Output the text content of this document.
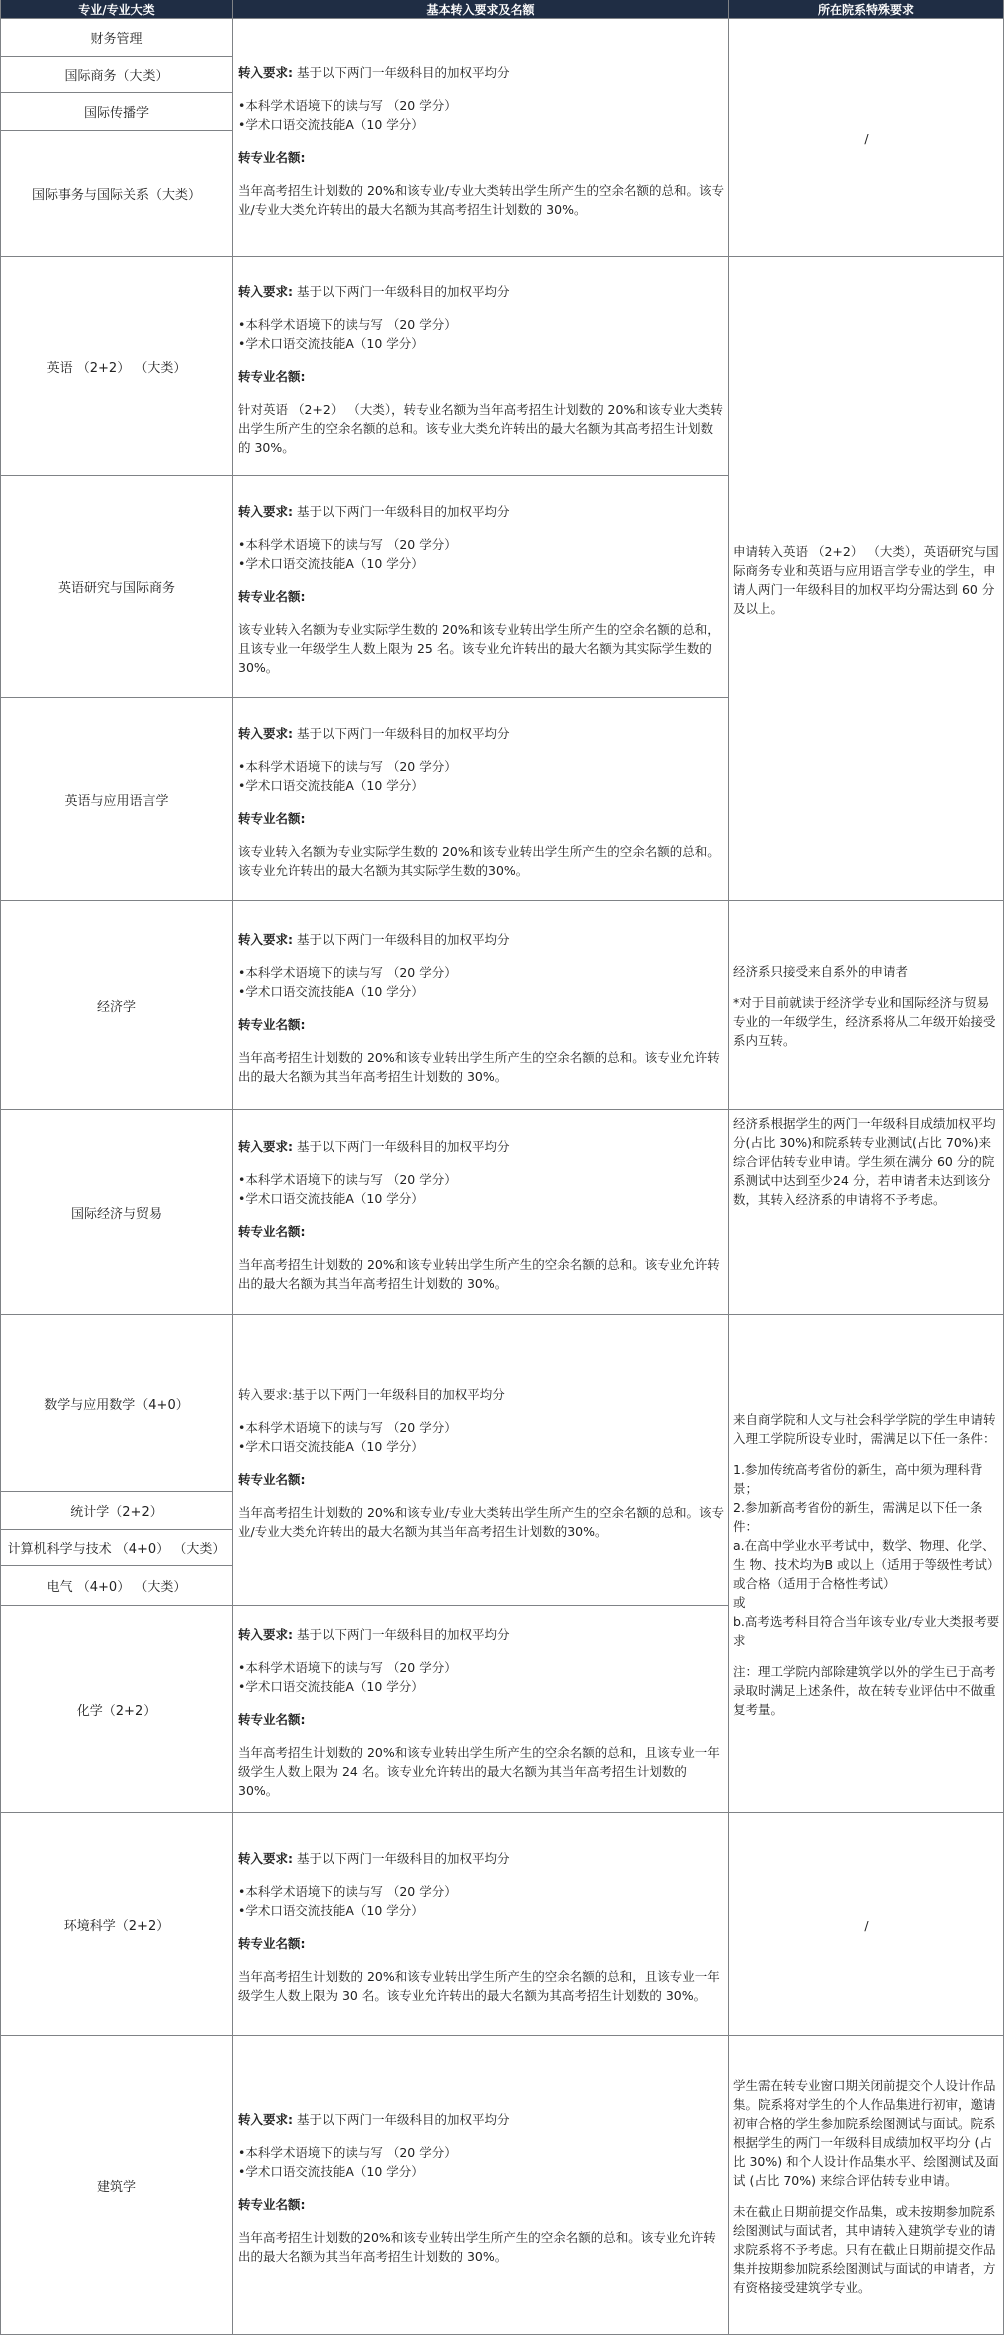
专业/专业大类	基本转入要求及名额	所在院系特殊要求
财务管理
国际商务（大类）
国际传播学
国际事务与国际关系（大类）
英语 （2+2） （大类）
英语研究与国际商务
英语与应用语言学
经济学
国际经济与贸易
数学与应用数学（4+0）
统计学（2+2）
计算机科学与技术 （4+0） （大类）
电气 （4+0） （大类）
化学（2+2）
环境科学（2+2）
建筑学

转入要求: 基于以下两门一年级科目的加权平均分

•本科学术语境下的读与写 （20 学分）

•学术口语交流技能A（10 学分）

转专业名额:

当年高考招生计划数的 20%和该专业/专业大类转出学生所产生的空余名额的总和。该专业/专业大类允许转出的最大名额为其高考招生计划数的 30%。

转入要求: 基于以下两门一年级科目的加权平均分

•本科学术语境下的读与写 （20 学分）

•学术口语交流技能A（10 学分）

转专业名额:

针对英语 （2+2） （大类），转专业名额为当年高考招生计划数的 20%和该专业大类转出学生所产生的空余名额的总和。该专业大类允许转出的最大名额为其高考招生计划数的 30%。

转入要求: 基于以下两门一年级科目的加权平均分

•本科学术语境下的读与写 （20 学分）

•学术口语交流技能A（10 学分）

转专业名额:

该专业转入名额为专业实际学生数的 20%和该专业转出学生所产生的空余名额的总和，且该专业一年级学生人数上限为 25 名。该专业允许转出的最大名额为其实际学生数的 30%。

转入要求: 基于以下两门一年级科目的加权平均分

•本科学术语境下的读与写 （20 学分）

•学术口语交流技能A（10 学分）

转专业名额:

该专业转入名额为专业实际学生数的 20%和该专业转出学生所产生的空余名额的总和。该专业允许转出的最大名额为其实际学生数的30%。

转入要求: 基于以下两门一年级科目的加权平均分

•本科学术语境下的读与写 （20 学分）

•学术口语交流技能A（10 学分）

转专业名额:

当年高考招生计划数的 20%和该专业转出学生所产生的空余名额的总和。该专业允许转出的最大名额为其当年高考招生计划数的 30%。

转入要求: 基于以下两门一年级科目的加权平均分

•本科学术语境下的读与写 （20 学分）

•学术口语交流技能A（10 学分）

转专业名额:

当年高考招生计划数的 20%和该专业转出学生所产生的空余名额的总和。该专业允许转出的最大名额为其当年高考招生计划数的 30%。

转入要求:基于以下两门一年级科目的加权平均分

•本科学术语境下的读与写 （20 学分）

•学术口语交流技能A（10 学分）

转专业名额:

当年高考招生计划数的 20%和该专业/专业大类转出学生所产生的空余名额的总和。该专业/专业大类允许转出的最大名额为其当年高考招生计划数的30%。

转入要求: 基于以下两门一年级科目的加权平均分

•本科学术语境下的读与写 （20 学分）

•学术口语交流技能A（10 学分）

转专业名额:

当年高考招生计划数的 20%和该专业转出学生所产生的空余名额的总和，且该专业一年级学生人数上限为 24 名。该专业允许转出的最大名额为其当年高考招生计划数的 30%。

转入要求: 基于以下两门一年级科目的加权平均分

•本科学术语境下的读与写 （20 学分）

•学术口语交流技能A（10 学分）

转专业名额:

当年高考招生计划数的 20%和该专业转出学生所产生的空余名额的总和，且该专业一年级学生人数上限为 30 名。该专业允许转出的最大名额为其高考招生计划数的 30%。

转入要求: 基于以下两门一年级科目的加权平均分

•本科学术语境下的读与写 （20 学分）

•学术口语交流技能A（10 学分）

转专业名额:

当年高考招生计划数的20%和该专业转出学生所产生的空余名额的总和。该专业允许转出的最大名额为其当年高考招生计划数的 30%。

/

申请转入英语 （2+2） （大类），英语研究与国际商务专业和英语与应用语言学专业的学生，申请人两门一年级科目的加权平均分需达到 60 分及以上。

经济系只接受来自系外的申请者

*对于目前就读于经济学专业和国际经济与贸易专业的一年级学生，经济系将从二年级开始接受系内互转。

经济系根据学生的两门一年级科目成绩加权平均分(占比 30%)和院系转专业测试(占比 70%)来综合评估转专业申请。学生须在满分 60 分的院系测试中达到至少24 分，若申请者未达到该分数，其转入经济系的申请将不予考虑。

来自商学院和人文与社会科学学院的学生申请转入理工学院所设专业时，需满足以下任一条件：

1.参加传统高考省份的新生，高中须为理科背景；

2.参加新高考省份的新生，需满足以下任一条件：

a.在高中学业水平考试中，数学、物理、化学、生 物、技术均为B 或以上（适用于等级性考试）或合格（适用于合格性考试）

或

b.高考选考科目符合当年该专业/专业大类报考要求

注：理工学院内部除建筑学以外的学生已于高考录取时满足上述条件，故在转专业评估中不做重复考量。

/

学生需在转专业窗口期关闭前提交个人设计作品集。院系将对学生的个人作品集进行初审，邀请初审合格的学生参加院系绘图测试与面试。院系根据学生的两门一年级科目成绩加权平均分 (占比 30%) 和个人设计作品集水平、绘图测试及面试 (占比 70%) 来综合评估转专业申请。

未在截止日期前提交作品集，或未按期参加院系绘图测试与面试者，其申请转入建筑学专业的请求院系将不予考虑。只有在截止日期前提交作品集并按期参加院系绘图测试与面试的申请者，方有资格接受建筑学专业。
